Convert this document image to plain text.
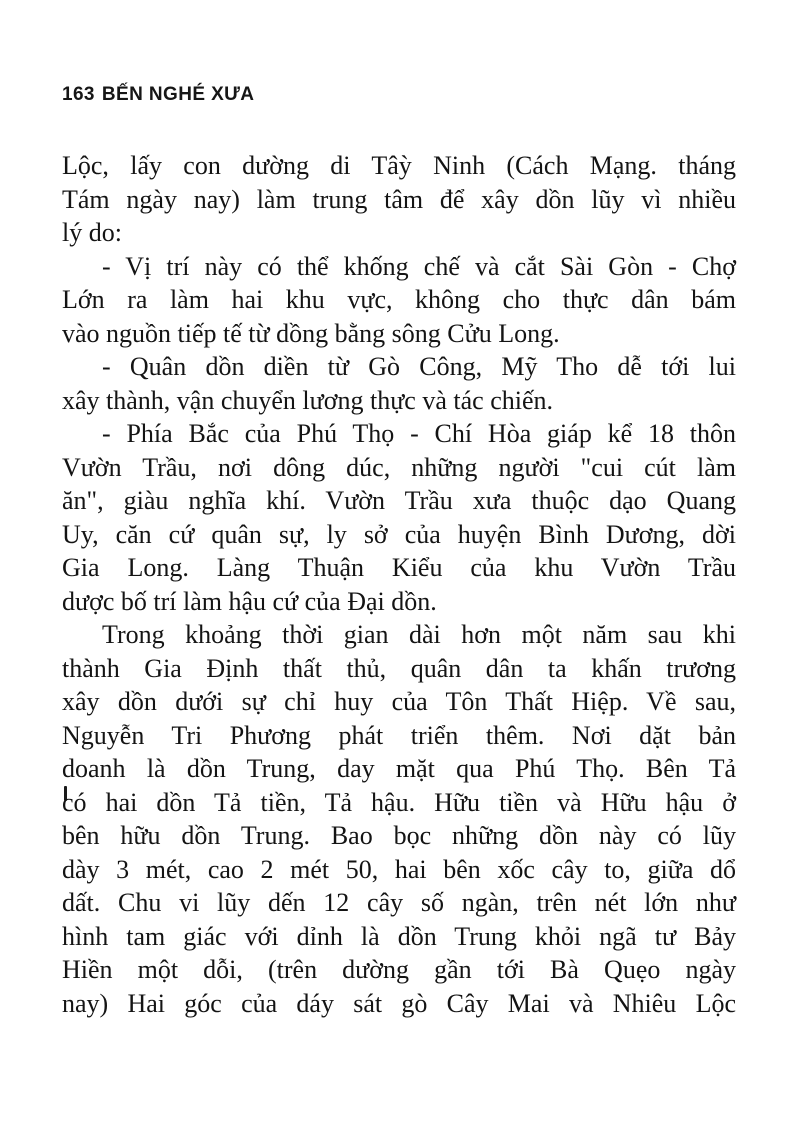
163 BẾN NGHÉ XƯA
Lộc, lấy con dường di Tâỳ Ninh (Cách Mạng. tháng
Tám ngày nay) làm trung tâm để xây dồn lũy vì nhiều
lý do:
- Vị trí này có thể khống chế và cắt Sài Gòn - Chợ
Lớn ra làm hai khu vực, không cho thực dân bám
vào nguồn tiếp tế từ dồng bằng sông Cửu Long.
- Quân dồn diền từ Gò Công, Mỹ Tho dễ tới lui
xây thành, vận chuyển lương thực và tác chiến.
- Phía Bắc của Phú Thọ - Chí Hòa giáp kể 18 thôn
Vườn Trầu, nơi dông dúc, những người "cui cút làm
ăn", giàu nghĩa khí. Vườn Trầu xưa thuộc dạo Quang
Uy, căn cứ quân sự, ly sở của huyện Bình Dương, dời
Gia Long. Làng Thuận Kiểu của khu Vườn Trầu
dược bố trí làm hậu cứ của Đại dồn.
Trong khoảng thời gian dài hơn một năm sau khi
thành Gia Định thất thủ, quân dân ta khấn trương
xây dồn dưới sự chỉ huy của Tôn Thất Hiệp. Về sau,
Nguyễn Tri Phương phát triển thêm. Nơi dặt bản
doanh là dồn Trung, day mặt qua Phú Thọ. Bên Tả
có hai dồn Tả tiền, Tả hậu. Hữu tiền và Hữu hậu ở
bên hữu dồn Trung. Bao bọc những dồn này có lũy
dày 3 mét, cao 2 mét 50, hai bên xốc cây to, giữa dổ
dất. Chu vi lũy dến 12 cây số ngàn, trên nét lớn như
hình tam giác với dỉnh là dồn Trung khỏi ngã tư Bảy
Hiền một dỗi, (trên dường gần tới Bà Quẹo ngày
nay) Hai góc của dáy sát gò Cây Mai và Nhiêu Lộc
